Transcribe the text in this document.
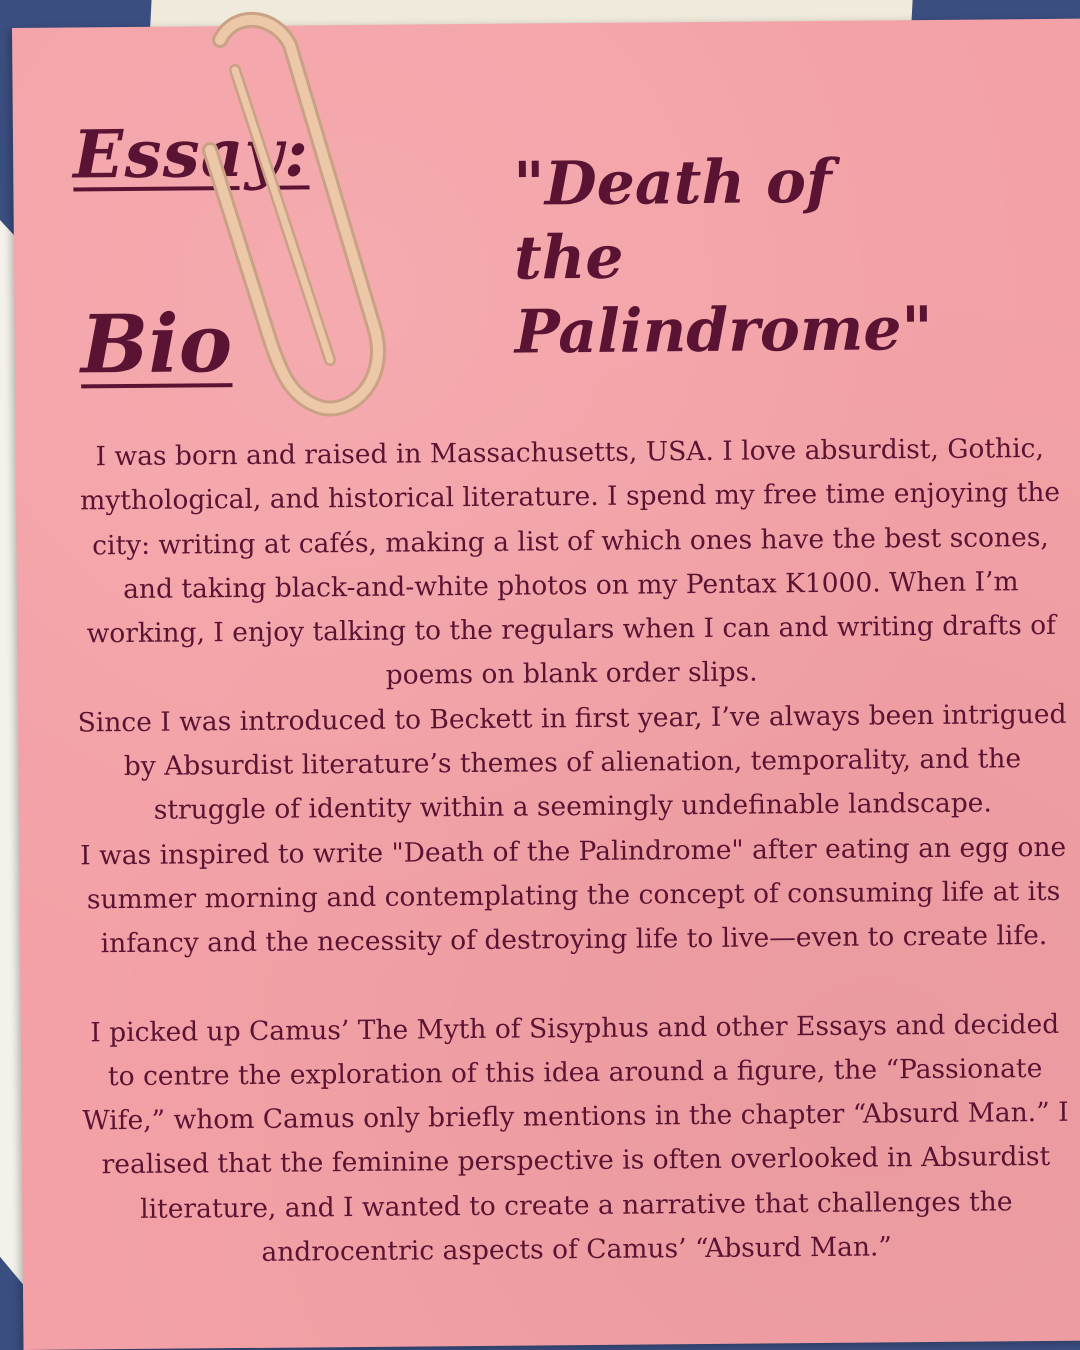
Essay:
Bio
"Death of the
Palindrome"

I was born and raised in Massachusetts, USA. I love absurdist, Gothic, mythological, and historical literature. I spend my free time enjoying the city: writing at cafés, making a list of which ones have the best scones, and taking black-and-white photos on my Pentax K1000. When I’m working, I enjoy talking to the regulars when I can and writing drafts of poems on blank order slips.

Since I was introduced to Beckett in first year, I’ve always been intrigued by Absurdist literature’s themes of alienation, temporality, and the struggle of identity within a seemingly undefinable landscape.

I was inspired to write "Death of the Palindrome" after eating an egg one summer morning and contemplating the concept of consuming life at its infancy and the necessity of destroying life to live—even to create life.

I picked up Camus’ The Myth of Sisyphus and other Essays and decided to centre the exploration of this idea around a figure, the “Passionate Wife,” whom Camus only briefly mentions in the chapter “Absurd Man.” I realised that the feminine perspective is often overlooked in Absurdist literature, and I wanted to create a narrative that challenges the androcentric aspects of Camus’ “Absurd Man.”
